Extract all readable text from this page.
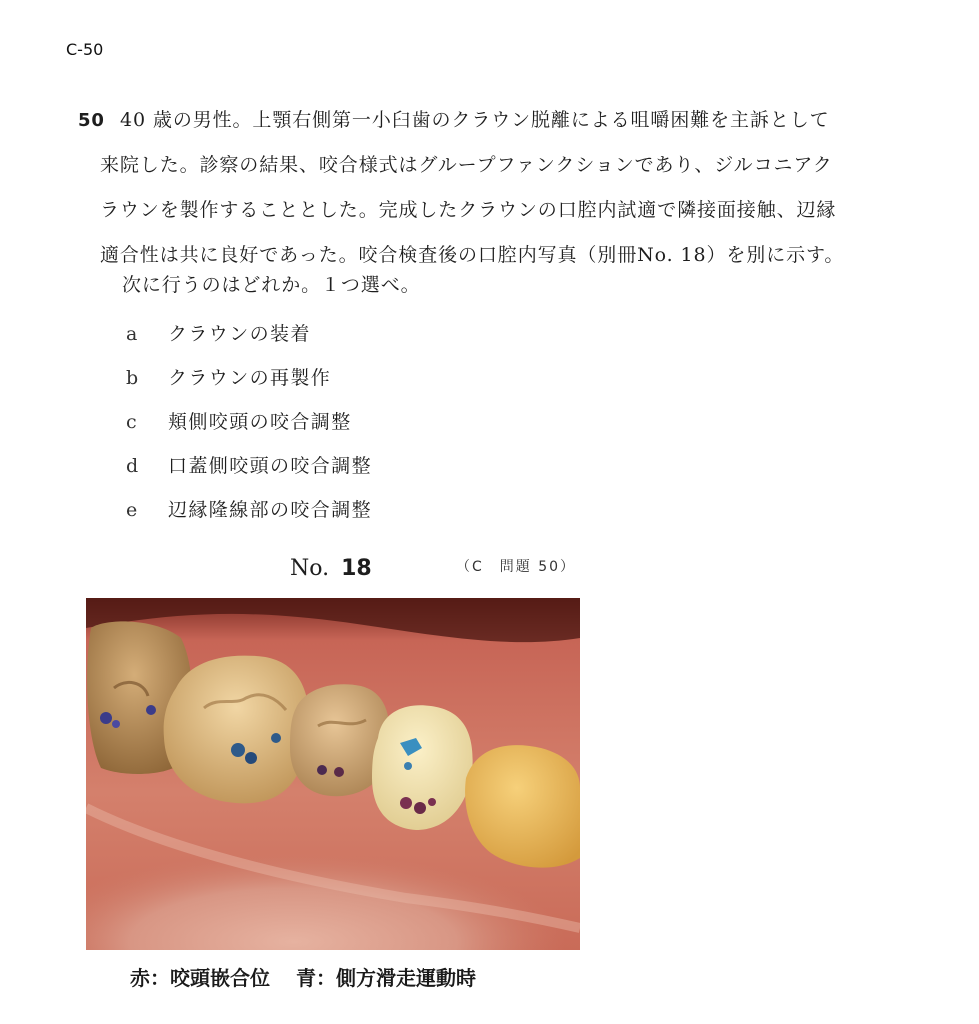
C-50
50 40 歳の男性。上顎右側第一小臼歯のクラウン脱離による咀嚼困難を主訴として
来院した。診察の結果、咬合様式はグループファンクションであり、ジルコニアク
ラウンを製作することとした。完成したクラウンの口腔内試適で隣接面接触、辺縁
適合性は共に良好であった。咬合検査後の口腔内写真（別冊No. 18）を別に示す。
次に行うのはどれか。１つ選べ。
a クラウンの装着
b クラウンの再製作
c 頬側咬頭の咬合調整
d 口蓋側咬頭の咬合調整
e 辺縁隆線部の咬合調整
No. 18	（C　問題 50）
赤：咬頭嵌合位 青：側方滑走運動時
